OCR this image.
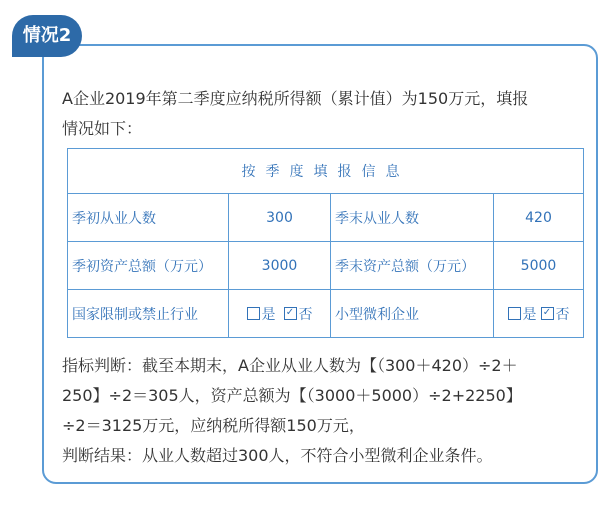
情况2
A企业2019年第二季度应纳税所得额（累计值）为150万元，填报
情况如下：
按季度填报信息			
季初从业人数	300	季末从业人数	420
季初资产总额（万元）	3000	季末资产总额（万元）	5000
国家限制或禁止行业	是 ✓ 否	小型微利企业	是 ✓ 否

指标判断：截至本期末，A企业从业人数为【（300＋420）÷2＋

250】÷2＝305人，资产总额为【（3000＋5000）÷2+2250】

÷2＝3125万元，应纳税所得额150万元，

判断结果：从业人数超过300人，不符合小型微利企业条件。
